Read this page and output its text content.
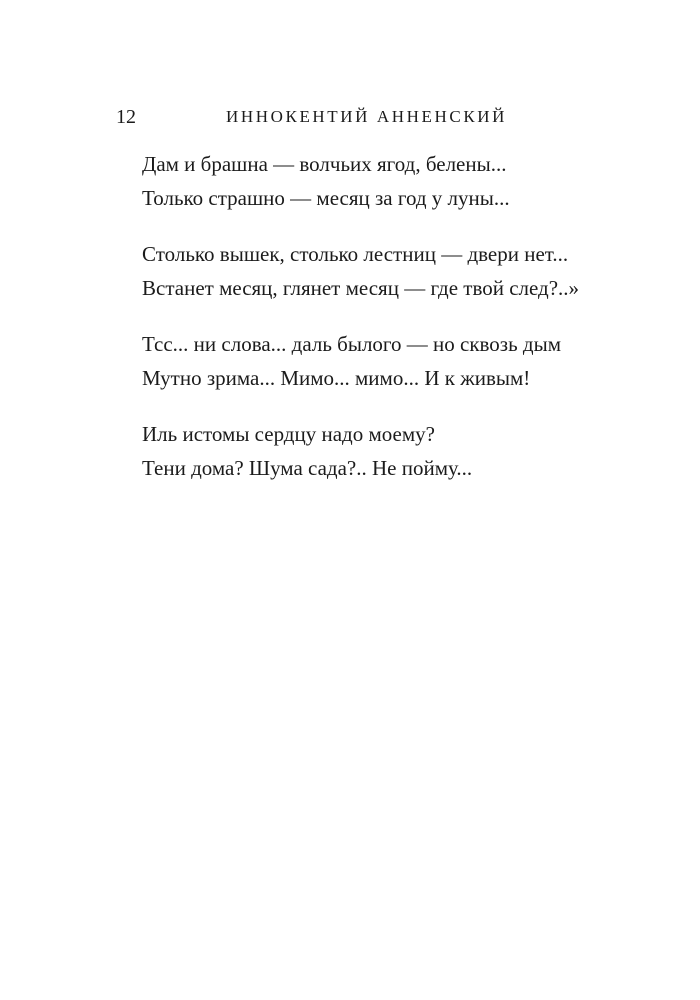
12	ИННОКЕНТИЙ АННЕНСКИЙ
Дам и брашна — волчьих ягод, белены...
Только страшно — месяц за год у луны...
Столько вышек, столько лестниц — двери нет...
Встанет месяц, глянет месяц — где твой след?..»
Тсс... ни слова... даль былого — но сквозь дым
Мутно зрима... Мимо... мимо... И к живым!
Иль истомы сердцу надо моему?
Тени дома? Шума сада?.. Не пойму...
